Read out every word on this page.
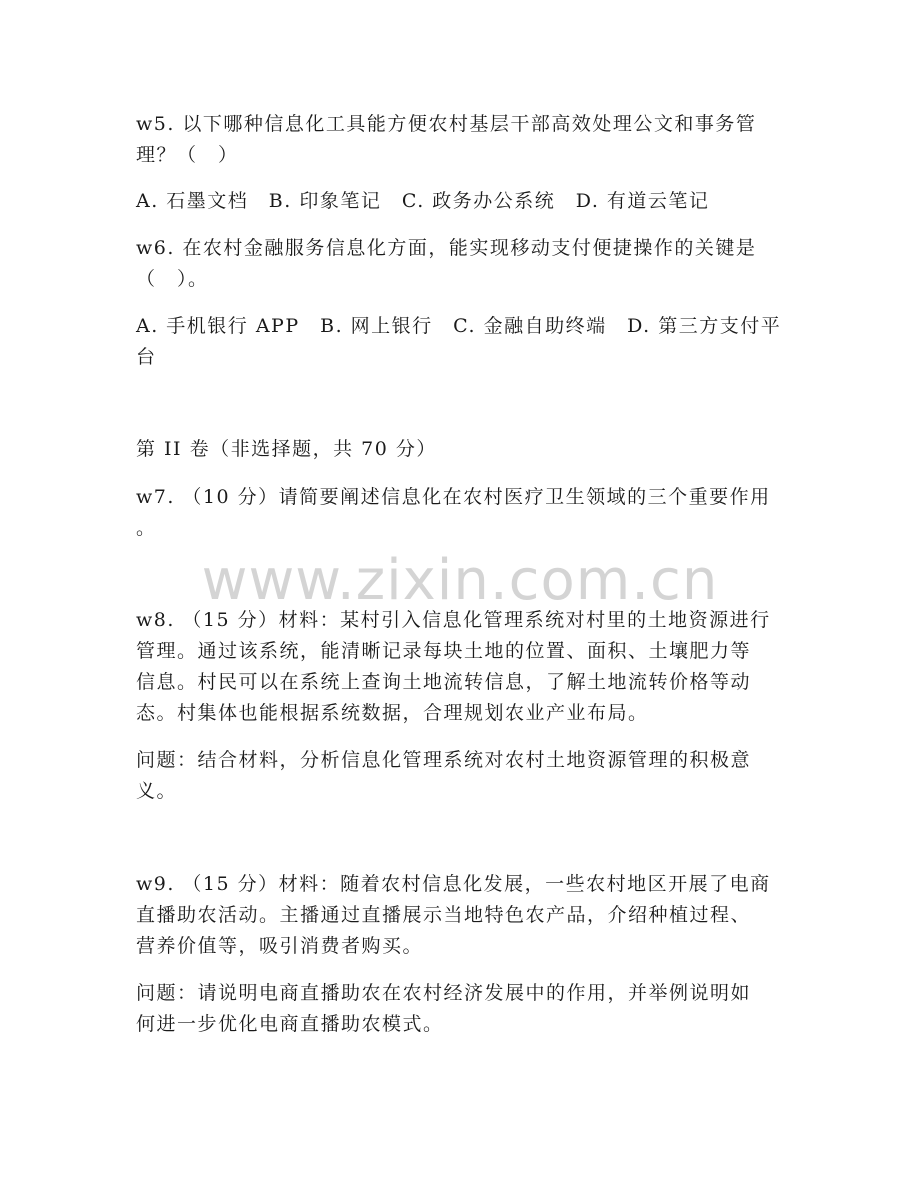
w5. 以下哪种信息化工具能方便农村基层干部高效处理公文和事务管
理？（　）
A. 石墨文档　B. 印象笔记　C. 政务办公系统　D. 有道云笔记
w6. 在农村金融服务信息化方面，能实现移动支付便捷操作的关键是
（　）。
A. 手机银行 APP　B. 网上银行　C. 金融自助终端　D. 第三方支付平
台
第 II 卷（非选择题，共 70 分）
w7. （10 分）请简要阐述信息化在农村医疗卫生领域的三个重要作用
。
www.zixin.com.cn
w8. （15 分）材料：某村引入信息化管理系统对村里的土地资源进行
管理。通过该系统，能清晰记录每块土地的位置、面积、土壤肥力等
信息。村民可以在系统上查询土地流转信息，了解土地流转价格等动
态。村集体也能根据系统数据，合理规划农业产业布局。
问题：结合材料，分析信息化管理系统对农村土地资源管理的积极意
义。
w9. （15 分）材料：随着农村信息化发展，一些农村地区开展了电商
直播助农活动。主播通过直播展示当地特色农产品，介绍种植过程、
营养价值等，吸引消费者购买。
问题：请说明电商直播助农在农村经济发展中的作用，并举例说明如
何进一步优化电商直播助农模式。
